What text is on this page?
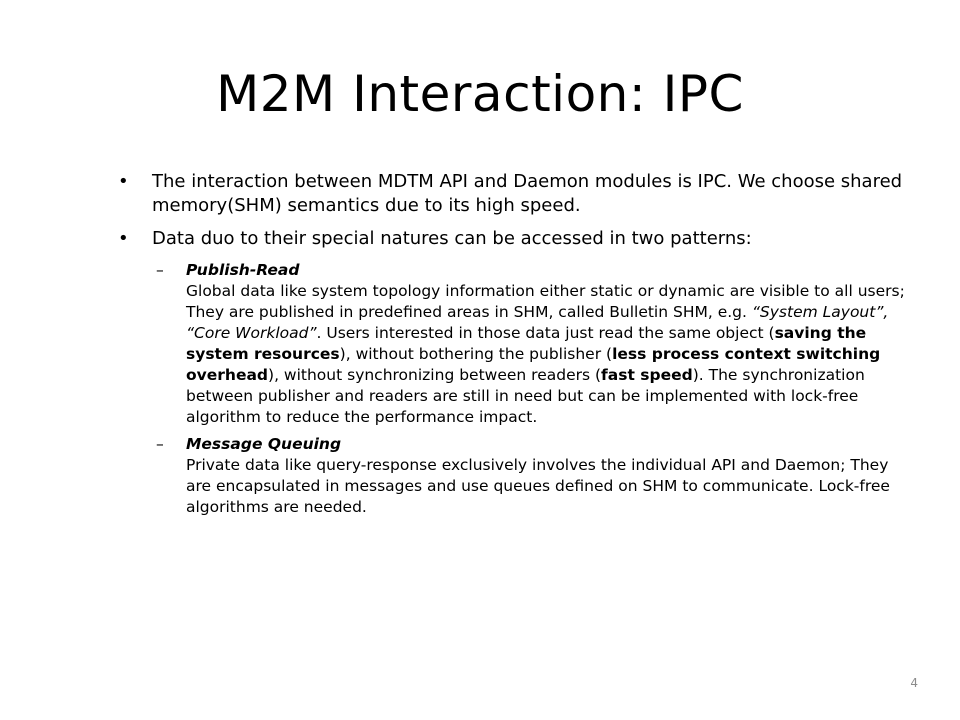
M2M Interaction: IPC
• The interaction between MDTM API and Daemon modules is IPC. We choose shared memory(SHM) semantics due to its high speed.
• Data duo to their special natures can be accessed in two patterns:
– Publish-Read
Global data like system topology information either static or dynamic are visible to all users; They are published in predefined areas in SHM, called Bulletin SHM, e.g. “System Layout”, “Core Workload”. Users interested in those data just read the same object (saving the system resources), without bothering the publisher (less process context switching overhead), without synchronizing between readers (fast speed). The synchronization between publisher and readers are still in need but can be implemented with lock-free algorithm to reduce the performance impact.
– Message Queuing
Private data like query-response exclusively involves the individual API and Daemon; They are encapsulated in messages and use queues defined on SHM to communicate. Lock-free algorithms are needed.
4
